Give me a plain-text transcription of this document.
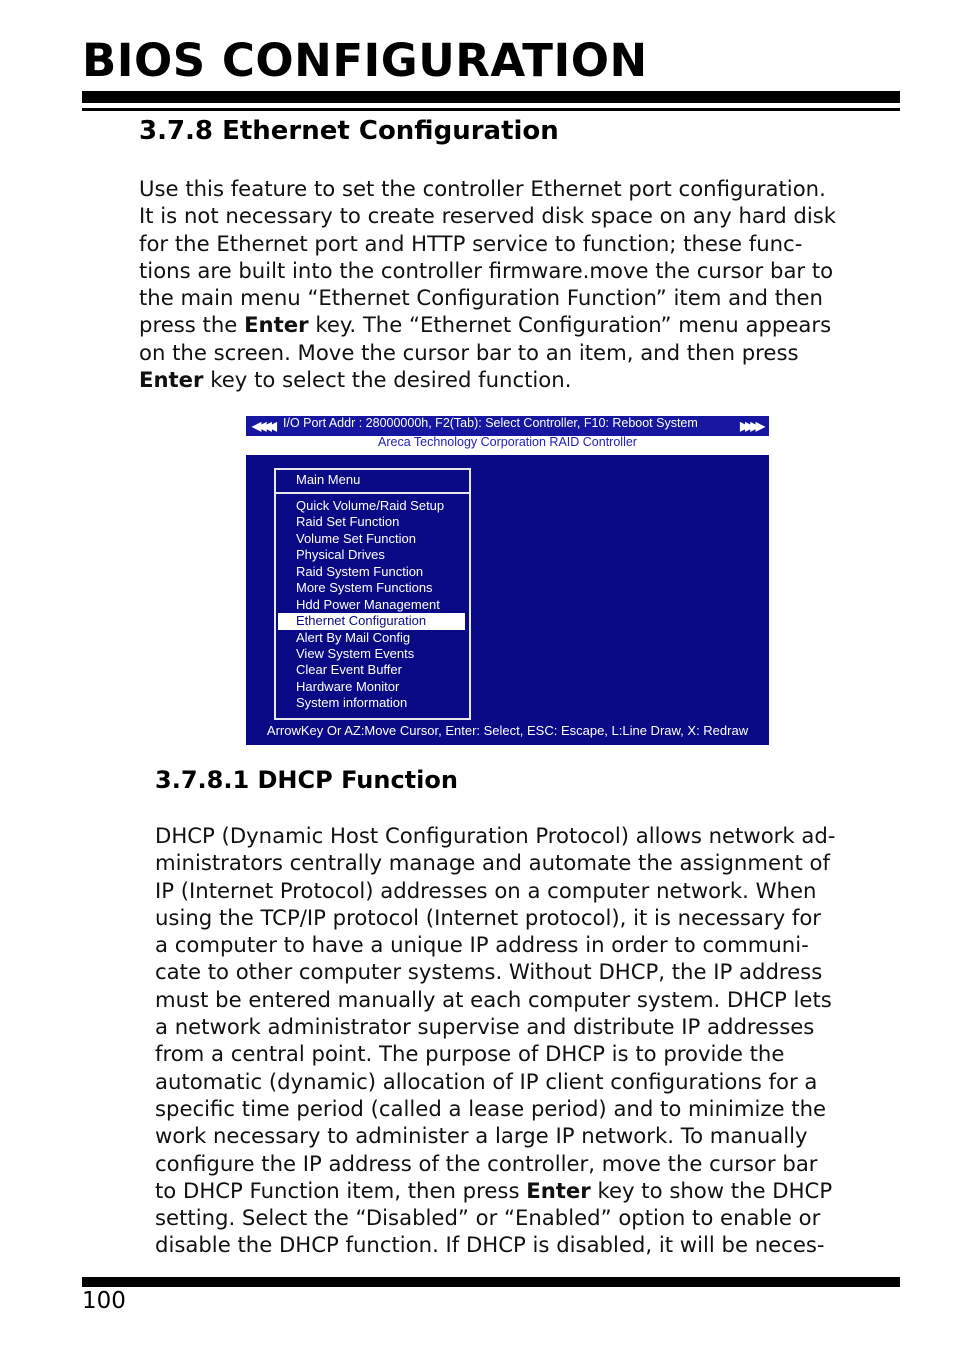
BIOS CONFIGURATION
3.7.8 Ethernet Configuration
Use this feature to set the controller Ethernet port configuration.
It is not necessary to create reserved disk space on any hard disk
for the Ethernet port and HTTP service to function; these func-
tions are built into the controller firmware.move the cursor bar to
the main menu “Ethernet Configuration Function” item and then
press the Enter key. The “Ethernet Configuration” menu appears
on the screen. Move the cursor bar to an item, and then press
Enter key to select the desired function.
◀◀◀◀ I/O Port Addr : 28000000h, F2(Tab): Select Controller, F10: Reboot System	▶▶▶▶
Areca Technology Corporation RAID Controller
Main Menu
Quick Volume/Raid Setup
Raid Set Function
Volume Set Function
Physical Drives
Raid System Function
More System Functions
Hdd Power Management
Ethernet Configuration
Alert By Mail Config
View System Events
Clear Event Buffer
Hardware Monitor
System information
ArrowKey Or AZ:Move Cursor, Enter: Select, ESC: Escape, L:Line Draw, X: Redraw
3.7.8.1 DHCP Function
DHCP (Dynamic Host Configuration Protocol) allows network ad-
ministrators centrally manage and automate the assignment of
IP (Internet Protocol) addresses on a computer network. When
using the TCP/IP protocol (Internet protocol), it is necessary for
a computer to have a unique IP address in order to communi-
cate to other computer systems. Without DHCP, the IP address
must be entered manually at each computer system. DHCP lets
a network administrator supervise and distribute IP addresses
from a central point. The purpose of DHCP is to provide the
automatic (dynamic) allocation of IP client configurations for a
specific time period (called a lease period) and to minimize the
work necessary to administer a large IP network. To manually
configure the IP address of the controller, move the cursor bar
to DHCP Function item, then press Enter key to show the DHCP
setting. Select the “Disabled” or “Enabled” option to enable or
disable the DHCP function. If DHCP is disabled, it will be neces-
100
